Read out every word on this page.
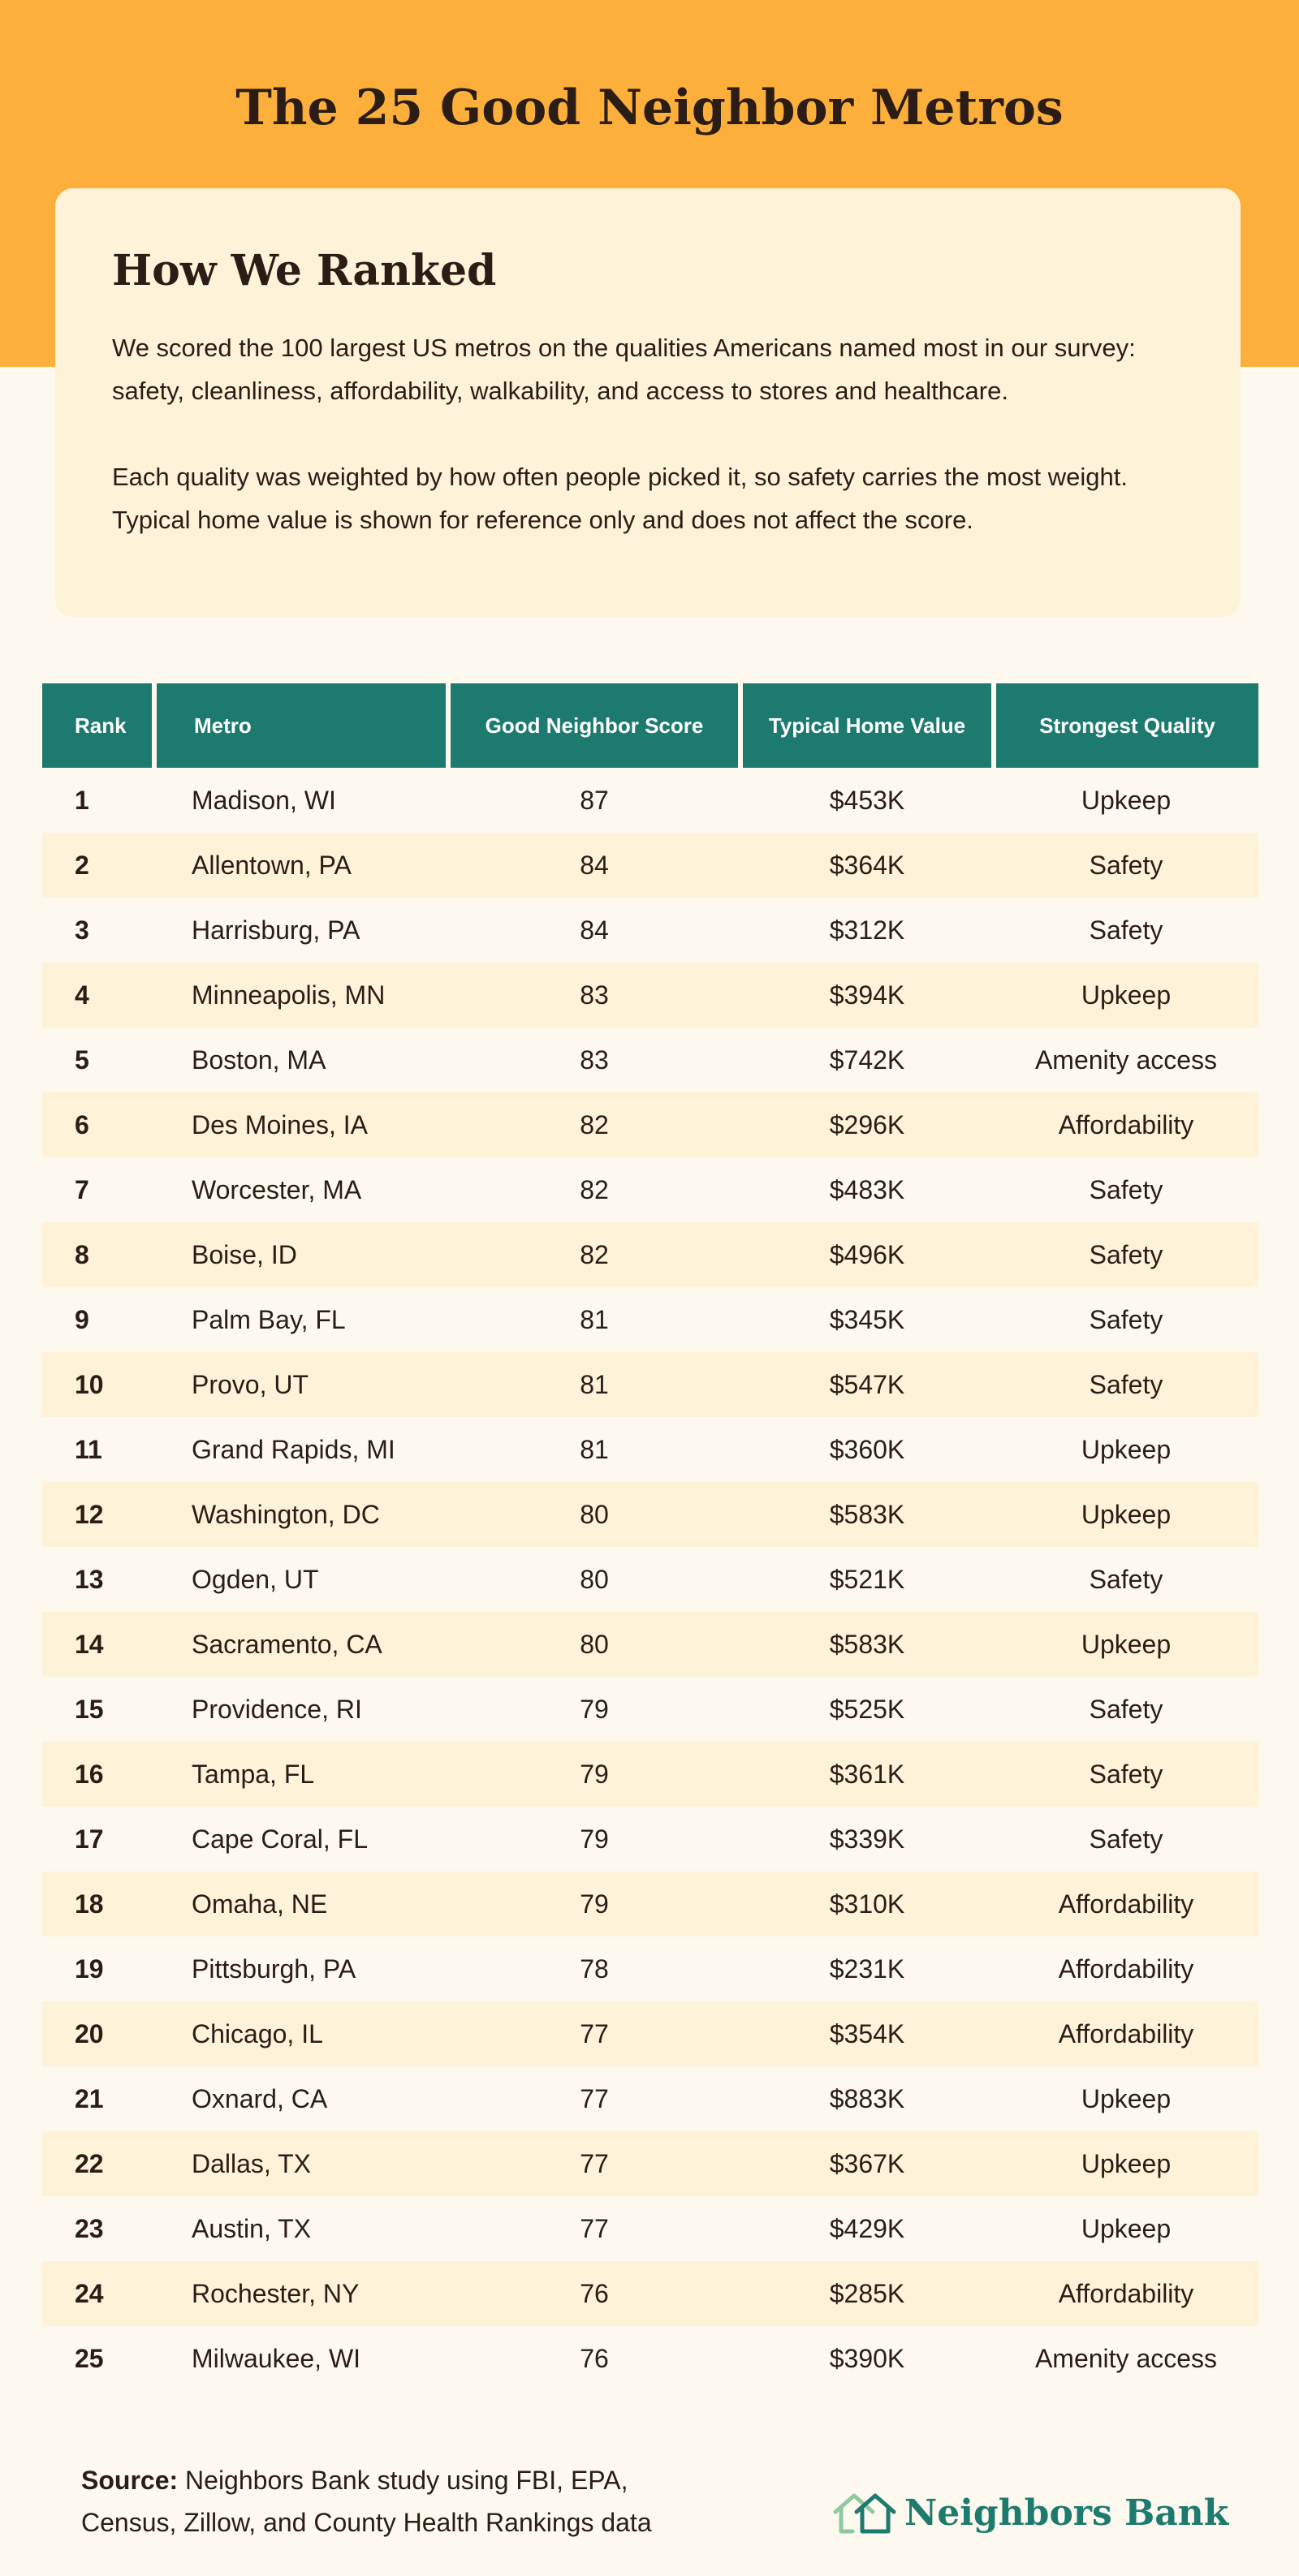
The 25 Good Neighbor Metros
How We Ranked

We scored the 100 largest US metros on the qualities Americans named most in our survey: safety, cleanliness, affordability, walkability, and access to stores and healthcare.

Each quality was weighted by how often people picked it, so safety carries the most weight. Typical home value is shown for reference only and does not affect the score.

Rank	Metro	Good Neighbor Score	Typical Home Value	Strongest Quality
1	Madison, WI	87	$453K	Upkeep
2	Allentown, PA	84	$364K	Safety
3	Harrisburg, PA	84	$312K	Safety
4	Minneapolis, MN	83	$394K	Upkeep
5	Boston, MA	83	$742K	Amenity access
6	Des Moines, IA	82	$296K	Affordability
7	Worcester, MA	82	$483K	Safety
8	Boise, ID	82	$496K	Safety
9	Palm Bay, FL	81	$345K	Safety
10	Provo, UT	81	$547K	Safety
11	Grand Rapids, MI	81	$360K	Upkeep
12	Washington, DC	80	$583K	Upkeep
13	Ogden, UT	80	$521K	Safety
14	Sacramento, CA	80	$583K	Upkeep
15	Providence, RI	79	$525K	Safety
16	Tampa, FL	79	$361K	Safety
17	Cape Coral, FL	79	$339K	Safety
18	Omaha, NE	79	$310K	Affordability
19	Pittsburgh, PA	78	$231K	Affordability
20	Chicago, IL	77	$354K	Affordability
21	Oxnard, CA	77	$883K	Upkeep
22	Dallas, TX	77	$367K	Upkeep
23	Austin, TX	77	$429K	Upkeep
24	Rochester, NY	76	$285K	Affordability
25	Milwaukee, WI	76	$390K	Amenity access

Source: Neighbors Bank study using FBI, EPA, Census, Zillow, and County Health Rankings data	Neighbors Bank
